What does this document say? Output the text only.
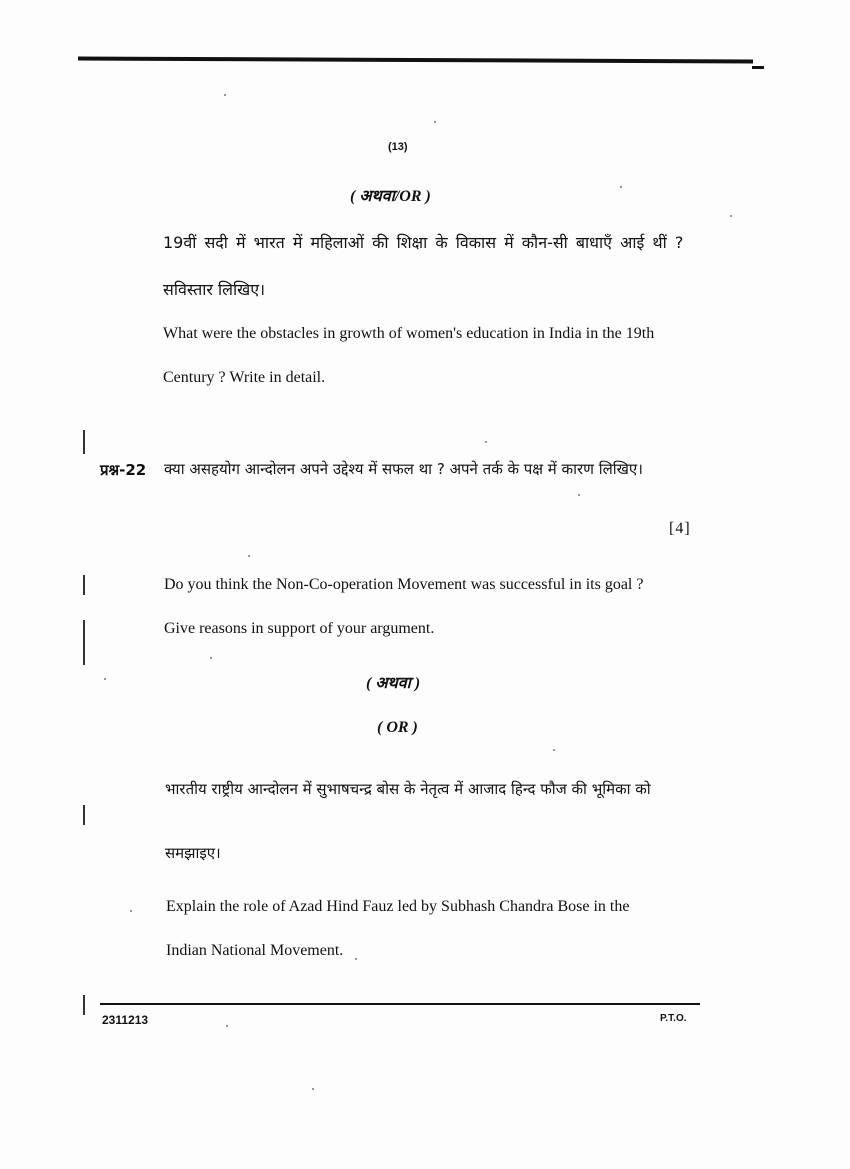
(13)
( अथवा/OR )
19वीं सदी में भारत में महिलाओं की शिक्षा के विकास में कौन-सी बाधाएँ आई थीं ?
सविस्तार लिखिए।
What were the obstacles in growth of women's education in India in the 19th
Century ? Write in detail.
प्रश्न-22 क्या असहयोग आन्दोलन अपने उद्देश्य में सफल था ? अपने तर्क के पक्ष में कारण लिखिए।
[4]
Do you think the Non-Co-operation Movement was successful in its goal ?
Give reasons in support of your argument.
( अथवा )
( OR )
भारतीय राष्ट्रीय आन्दोलन में सुभाषचन्द्र बोस के नेतृत्व में आजाद हिन्द फौज की भूमिका को
समझाइए।
Explain the role of Azad Hind Fauz led by Subhash Chandra Bose in the
Indian National Movement.
2311213	P.T.O.
